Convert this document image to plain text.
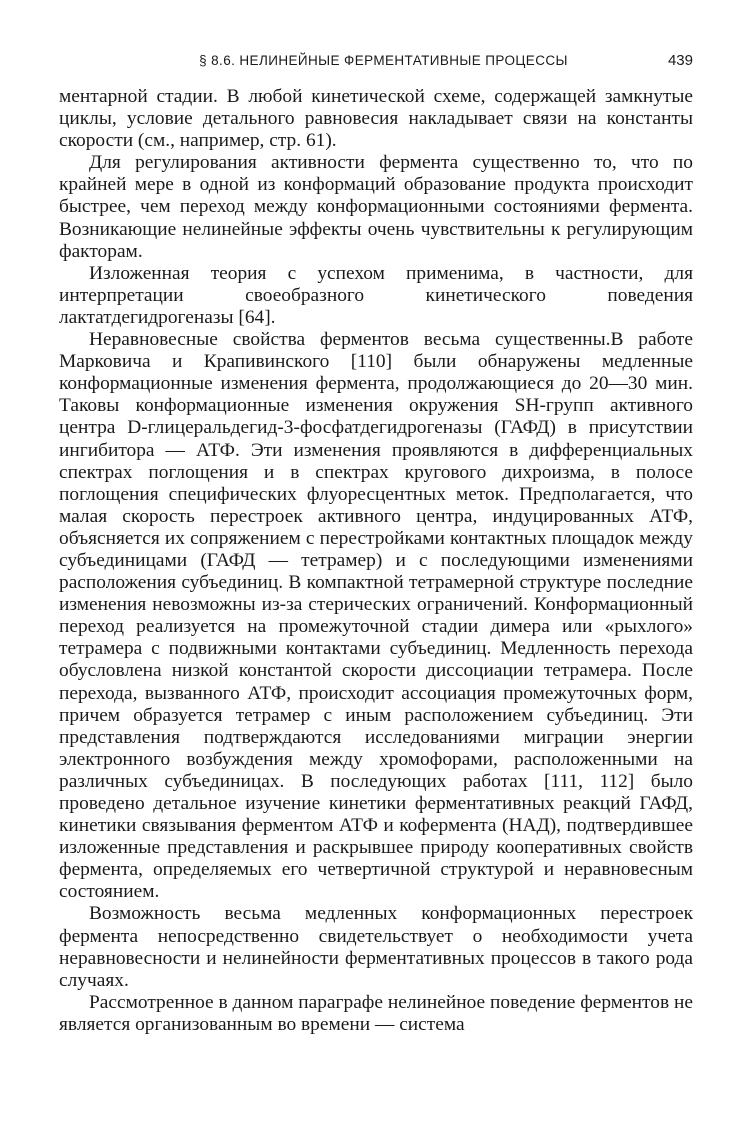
§ 8.6. НЕЛИНЕЙНЫЕ ФЕРМЕНТАТИВНЫЕ ПРОЦЕССЫ	439

ментарной стадии. В любой кинетической схеме, содержащей замкнутые циклы, условие детального равновесия накладывает связи на константы скорости (см., например, стр. 61).

Для регулирования активности фермента существенно то, что по крайней мере в одной из конформаций образование продукта происходит быстрее, чем переход между конформационными состояниями фермента. Возникающие нелинейные эффекты очень чувствительны к регулирующим факторам.

Изложенная теория с успехом применима, в частности, для интерпретации своеобразного кинетического поведения лактатдегидрогеназы [64].

Неравновесные свойства ферментов весьма существенны.В работе Марковича и Крапивинского [110] были обнаружены медленные конформационные изменения фермента, продолжающиеся до 20—30 мин. Таковы конформационные изменения окружения SH-групп активного центра D-глицеральдегид-3-фосфатдегидрогеназы (ГАФД) в присутствии ингибитора — АТФ. Эти изменения проявляются в дифференциальных спектрах поглощения и в спектрах кругового дихроизма, в полосе поглощения специфических флуоресцентных меток. Предполагается, что малая скорость перестроек активного центра, индуцированных АТФ, объясняется их сопряжением с перестройками контактных площадок между субъединицами (ГАФД — тетрамер) и с последующими изменениями расположения субъединиц. В компактной тетрамерной структуре последние изменения невозможны из-за стерических ограничений. Конформационный переход реализуется на промежуточной стадии димера или «рыхлого» тетрамера с подвижными контактами субъединиц. Медленность перехода обусловлена низкой константой скорости диссоциации тетрамера. После перехода, вызванного АТФ, происходит ассоциация промежуточных форм, причем образуется тетрамер с иным расположением субъединиц. Эти представления подтверждаются исследованиями миграции энергии электронного возбуждения между хромофорами, расположенными на различных субъединицах. В последующих работах [111, 112] было проведено детальное изучение кинетики ферментативных реакций ГАФД, кинетики связывания ферментом АТФ и кофермента (НАД), подтвердившее изложенные представления и раскрывшее природу кооперативных свойств фермента, определяемых его четвертичной структурой и неравновесным состоянием.

Возможность весьма медленных конформационных перестроек фермента непосредственно свидетельствует о необходимости учета неравновесности и нелинейности ферментативных процессов в такого рода случаях.

Рассмотренное в данном параграфе нелинейное поведение ферментов не является организованным во времени — система
